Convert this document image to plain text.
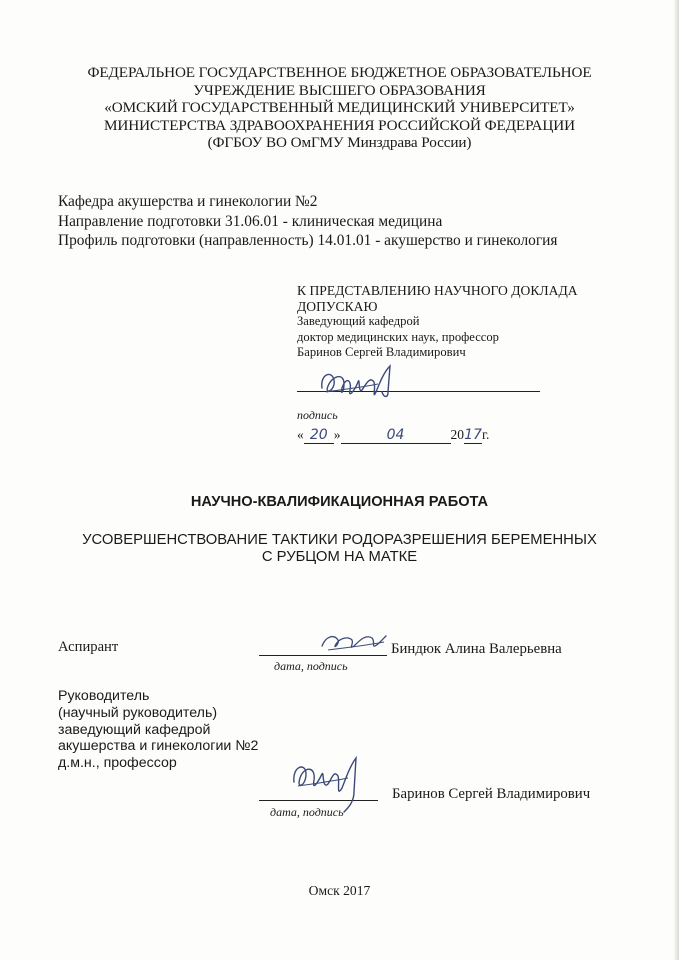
ФЕДЕРАЛЬНОЕ ГОСУДАРСТВЕННОЕ БЮДЖЕТНОЕ ОБРАЗОВАТЕЛЬНОЕ
УЧРЕЖДЕНИЕ ВЫСШЕГО ОБРАЗОВАНИЯ
«ОМСКИЙ ГОСУДАРСТВЕННЫЙ МЕДИЦИНСКИЙ УНИВЕРСИТЕТ»
МИНИСТЕРСТВА ЗДРАВООХРАНЕНИЯ РОССИЙСКОЙ ФЕДЕРАЦИИ
(ФГБОУ ВО ОмГМУ Минздрава России)
Кафедра акушерства и гинекологии №2
Направление подготовки 31.06.01 - клиническая медицина
Профиль подготовки (направленность) 14.01.01 - акушерство и гинекология
К ПРЕДСТАВЛЕНИЮ НАУЧНОГО ДОКЛАДА
ДОПУСКАЮ
Заведующий кафедрой
доктор медицинских наук, профессор
Баринов Сергей Владимирович
подпись
« 20 »	04	2017г.
НАУЧНО-КВАЛИФИКАЦИОННАЯ РАБОТА
УСОВЕРШЕНСТВОВАНИЕ ТАКТИКИ РОДОРАЗРЕШЕНИЯ БЕРЕМЕННЫХ
С РУБЦОМ НА МАТКЕ
Аспирант
дата, подпись
Биндюк Алина Валерьевна
Руководитель
(научный руководитель)
заведующий кафедрой
акушерства и гинекологии №2
д.м.н., профессор
дата, подпись
Баринов Сергей Владимирович
Омск 2017
